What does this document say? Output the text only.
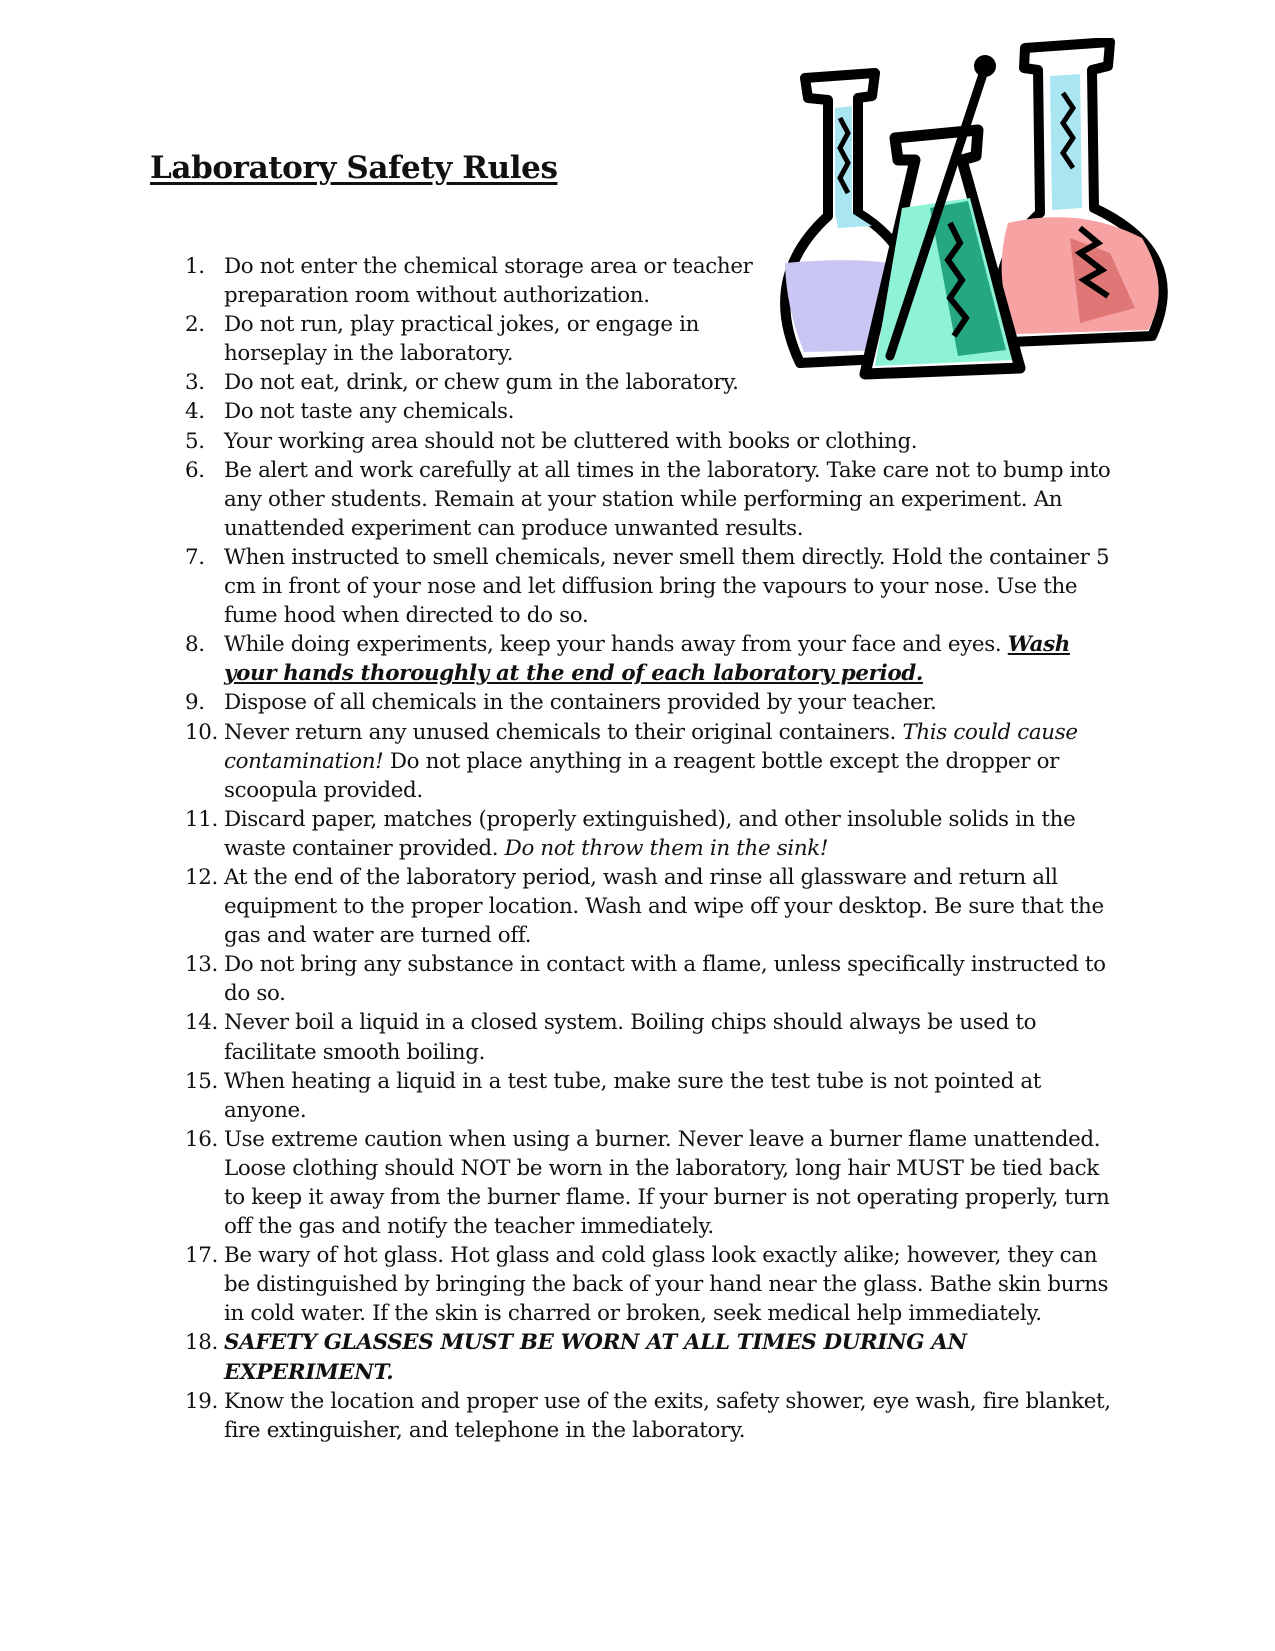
Laboratory Safety Rules
1. Do not enter the chemical storage area or teacher preparation room without authorization.
2. Do not run, play practical jokes, or engage in horseplay in the laboratory.
3. Do not eat, drink, or chew gum in the laboratory.
4. Do not taste any chemicals.
5. Your working area should not be cluttered with books or clothing.
6. Be alert and work carefully at all times in the laboratory. Take care not to bump into any other students. Remain at your station while performing an experiment. An unattended experiment can produce unwanted results.
7. When instructed to smell chemicals, never smell them directly. Hold the container 5 cm in front of your nose and let diffusion bring the vapours to your nose. Use the fume hood when directed to do so.
8. While doing experiments, keep your hands away from your face and eyes. Wash your hands thoroughly at the end of each laboratory period.
9. Dispose of all chemicals in the containers provided by your teacher.
10. Never return any unused chemicals to their original containers. This could cause contamination! Do not place anything in a reagent bottle except the dropper or scoopula provided.
11. Discard paper, matches (properly extinguished), and other insoluble solids in the waste container provided. Do not throw them in the sink!
12. At the end of the laboratory period, wash and rinse all glassware and return all equipment to the proper location. Wash and wipe off your desktop. Be sure that the gas and water are turned off.
13. Do not bring any substance in contact with a flame, unless specifically instructed to do so.
14. Never boil a liquid in a closed system. Boiling chips should always be used to facilitate smooth boiling.
15. When heating a liquid in a test tube, make sure the test tube is not pointed at anyone.
16. Use extreme caution when using a burner. Never leave a burner flame unattended. Loose clothing should NOT be worn in the laboratory, long hair MUST be tied back to keep it away from the burner flame. If your burner is not operating properly, turn off the gas and notify the teacher immediately.
17. Be wary of hot glass. Hot glass and cold glass look exactly alike; however, they can be distinguished by bringing the back of your hand near the glass. Bathe skin burns in cold water. If the skin is charred or broken, seek medical help immediately.
18. SAFETY GLASSES MUST BE WORN AT ALL TIMES DURING AN EXPERIMENT.
19. Know the location and proper use of the exits, safety shower, eye wash, fire blanket, fire extinguisher, and telephone in the laboratory.
